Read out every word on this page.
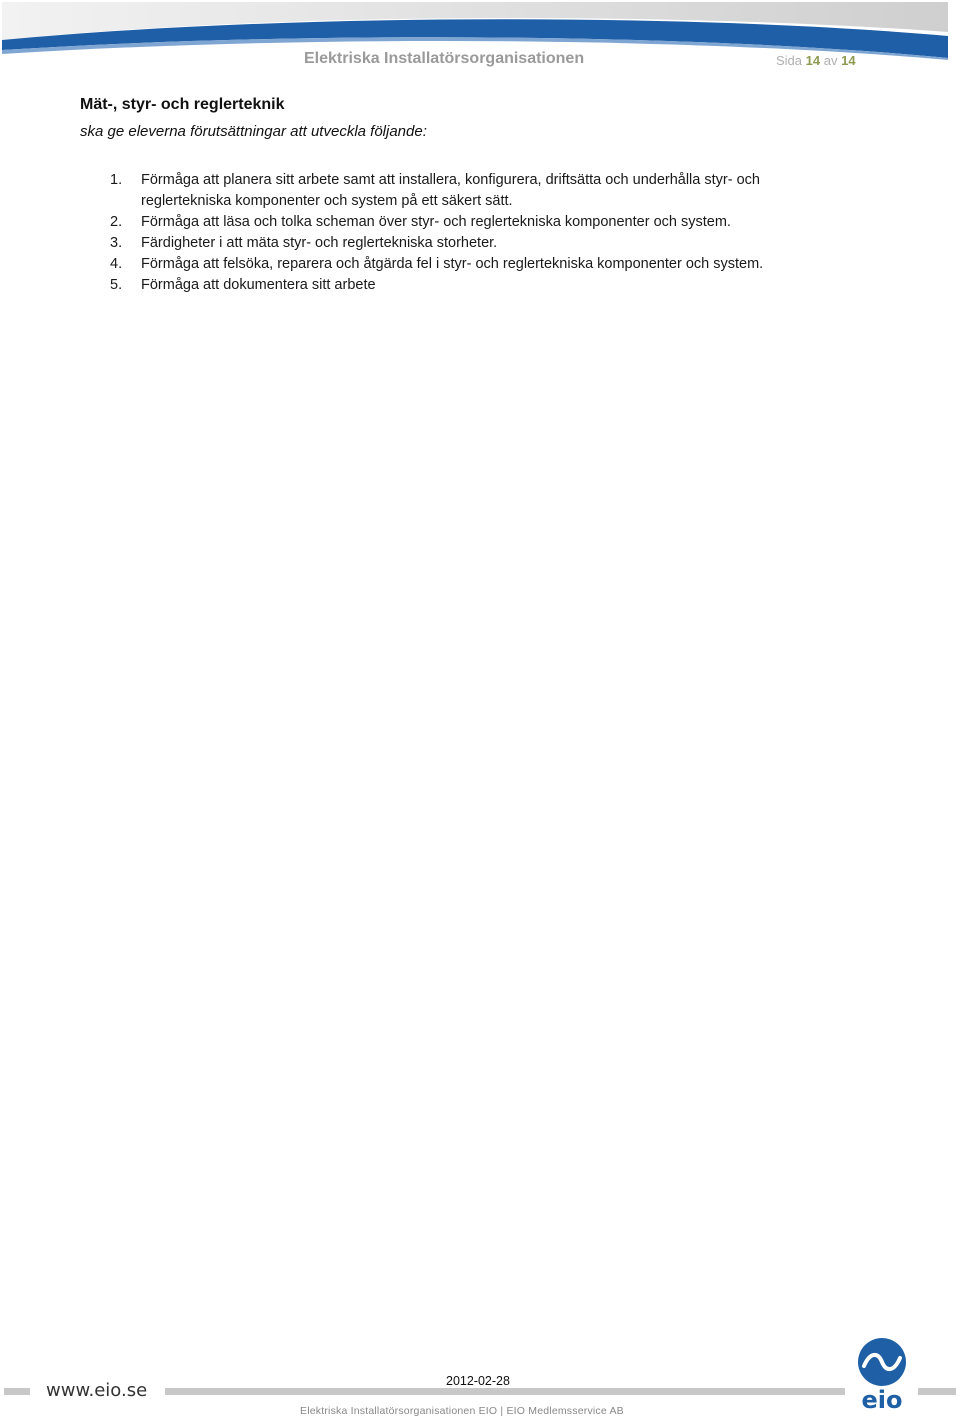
Elektriska Installatörsorganisationen	Sida 14 av 14
Mät-, styr- och reglerteknik
ska ge eleverna förutsättningar att utveckla följande:
1.	Förmåga att planera sitt arbete samt att installera, konfigurera, driftsätta och underhålla styr- och reglertekniska komponenter och system på ett säkert sätt.
2.	Förmåga att läsa och tolka scheman över styr- och reglertekniska komponenter och system.
3.	Färdigheter i att mäta styr- och reglertekniska storheter.
4.	Förmåga att felsöka, reparera och åtgärda fel i styr- och reglertekniska komponenter och system.
5.	Förmåga att dokumentera sitt arbete
www.eio.se	2012-02-28
Elektriska Installatörsorganisationen EIO | EIO Medlemsservice AB	eio
